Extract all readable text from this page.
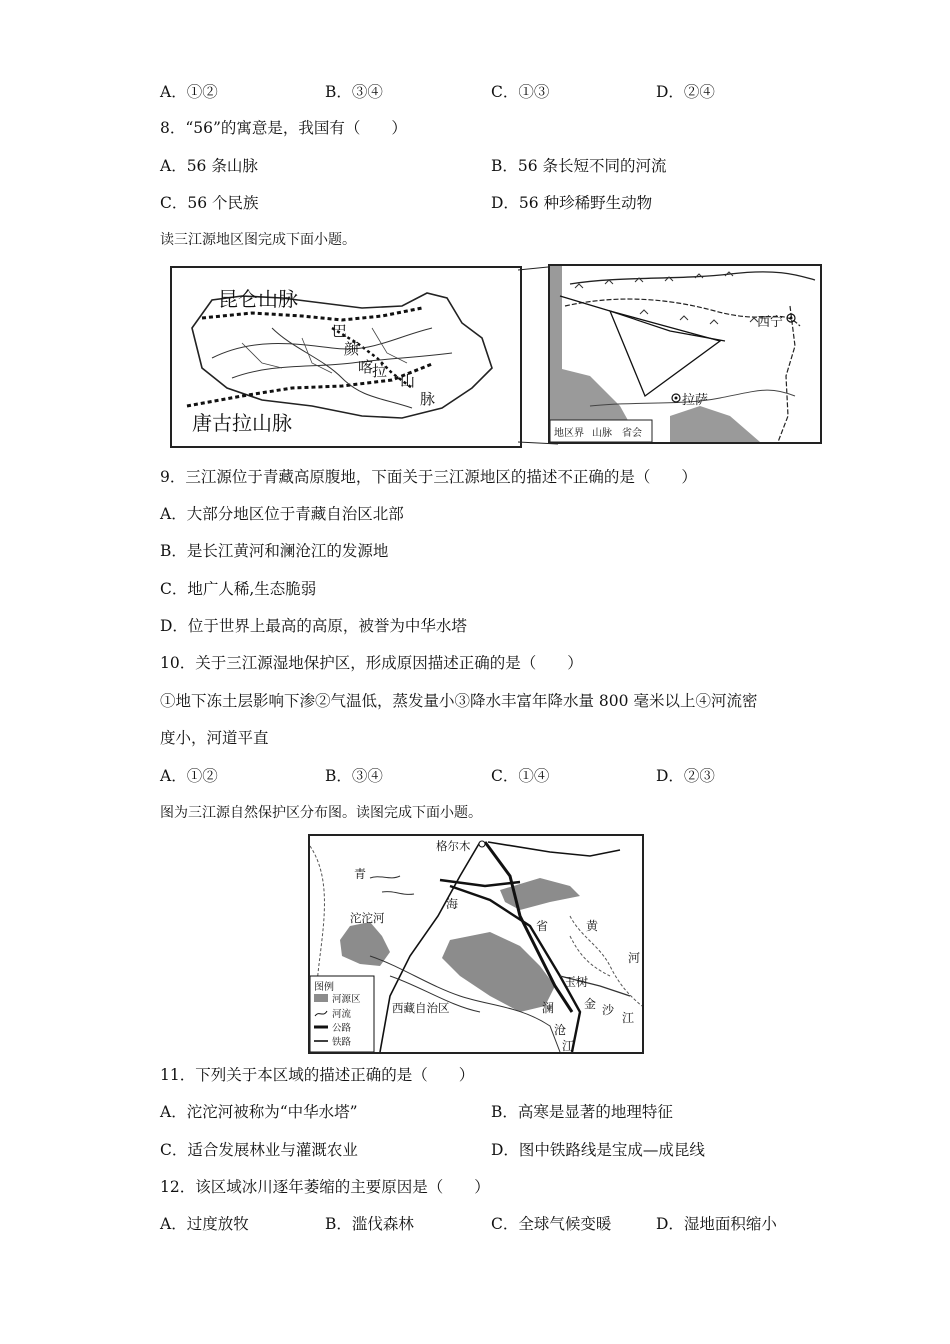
A．①②	B．③④	C．①③	D．②④
8．“56”的寓意是，我国有（　　）
A．56 条山脉	B．56 条长短不同的河流
C．56 个民族	D．56 种珍稀野生动物
读三江源地区图完成下面小题。
昆仑山脉
唐古拉山脉
巴
颜
喀
拉
山
脉
西宁
拉萨
地区界 山脉 省会
9．三江源位于青藏高原腹地，下面关于三江源地区的描述不正确的是（　　）
A．大部分地区位于青藏自治区北部
B．是长江黄河和澜沧江的发源地
C．地广人稀,生态脆弱
D．位于世界上最高的高原，被誉为中华水塔
10．关于三江源湿地保护区，形成原因描述正确的是（　　）
①地下冻土层影响下渗②气温低，蒸发量小③降水丰富年降水量 800 毫米以上④河流密
度小，河道平直
A．①②	B．③④	C．①④	D．②③
图为三江源自然保护区分布图。读图完成下面小题。
格尔木
青
海
省
沱沱河
黄
河
玉树
金 沙
江
澜
沧
江
西藏自治区
图例
河源区
河流
公路
铁路
11．下列关于本区域的描述正确的是（　　）
A．沱沱河被称为“中华水塔”	B．高寒是显著的地理特征
C．适合发展林业与灌溉农业	D．图中铁路线是宝成—成昆线
12．该区域冰川逐年萎缩的主要原因是（　　）
A．过度放牧	B．滥伐森林	C．全球气候变暖	D．湿地面积缩小
